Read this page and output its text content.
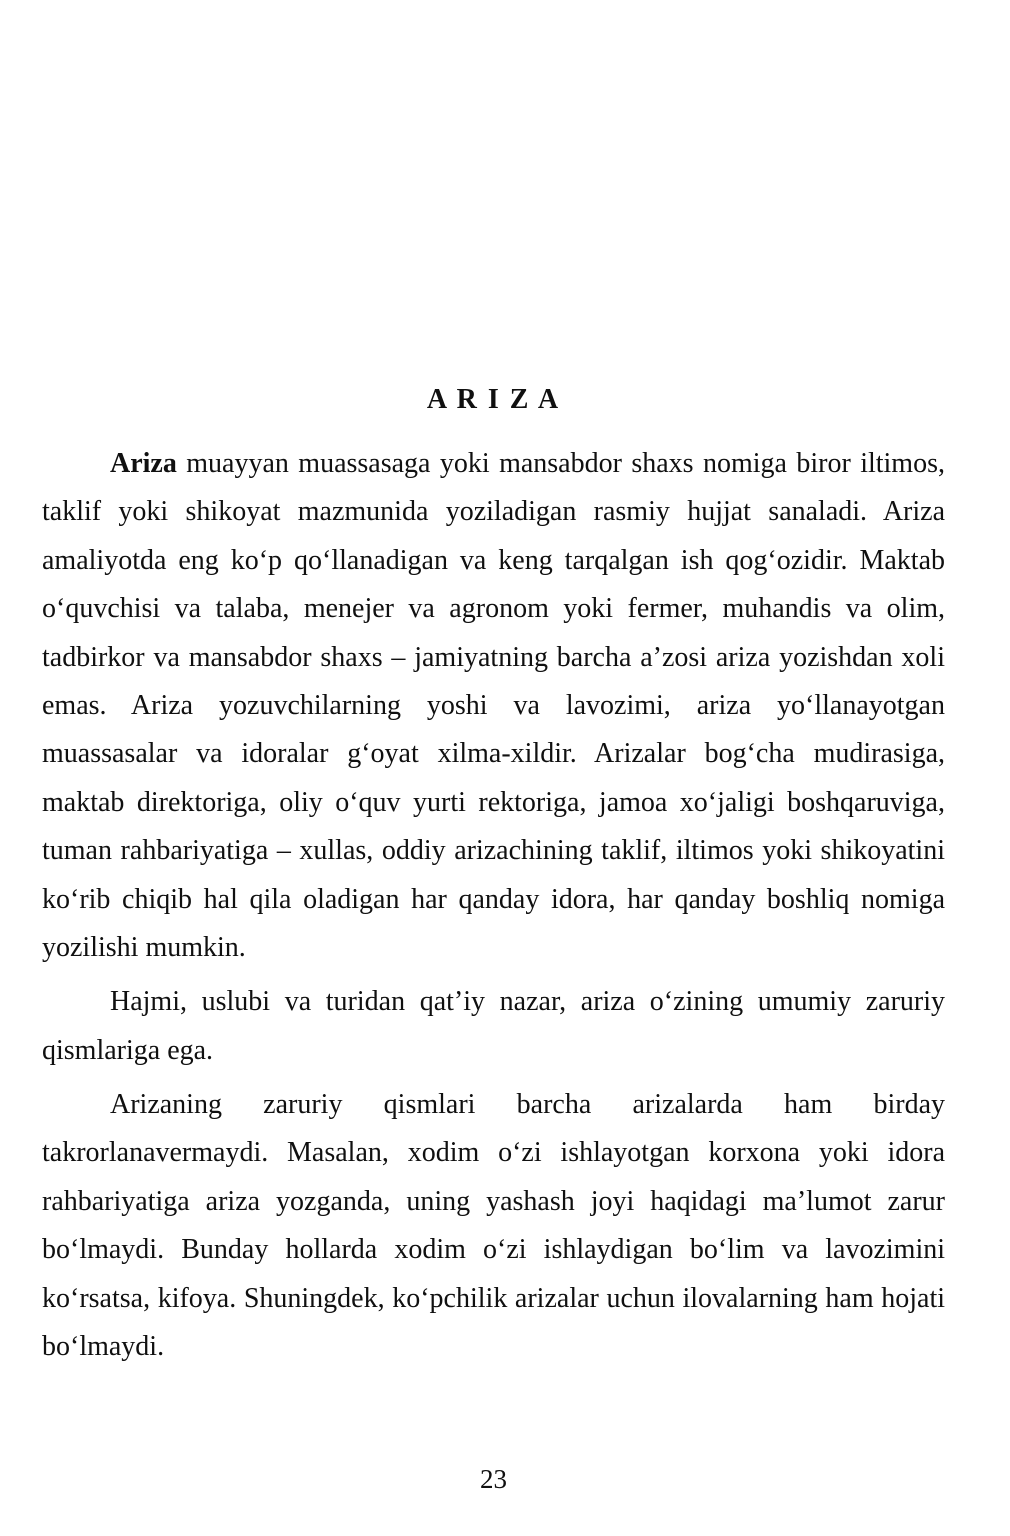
A R I Z A
Ariza muayyan muassasaga yoki mansabdor shaxs nomiga biror iltimos,
taklif yoki shikoyat mazmunida yoziladigan rasmiy hujjat sanaladi. Ariza
amaliyotda eng ko‘p qo‘llanadigan va keng tarqalgan ish qog‘ozidir. Maktab
o‘quvchisi va talaba, menejer va agronom yoki fermer, muhandis va olim,
tadbirkor va mansabdor shaxs – jamiyatning barcha a’zosi ariza yozishdan xoli
emas. Ariza yozuvchilarning yoshi va lavozimi, ariza yo‘llanayotgan
muassasalar va idoralar g‘oyat xilma-xildir. Arizalar bog‘cha mudirasiga,
maktab direktoriga, oliy o‘quv yurti rektoriga, jamoa xo‘jaligi boshqaruviga,
tuman rahbariyatiga – xullas, oddiy arizachining taklif, iltimos yoki shikoyatini
ko‘rib chiqib hal qila oladigan har qanday idora, har qanday boshliq nomiga
yozilishi mumkin.
Hajmi, uslubi va turidan qat’iy nazar, ariza o‘zining umumiy zaruriy
qismlariga ega.
Arizaning zaruriy qismlari barcha arizalarda ham birday
takrorlanavermaydi. Masalan, xodim o‘zi ishlayotgan korxona yoki idora
rahbariyatiga ariza yozganda, uning yashash joyi haqidagi ma’lumot zarur
bo‘lmaydi. Bunday hollarda xodim o‘zi ishlaydigan bo‘lim va lavozimini
ko‘rsatsa, kifoya. Shuningdek, ko‘pchilik arizalar uchun ilovalarning ham hojati
bo‘lmaydi.
23
